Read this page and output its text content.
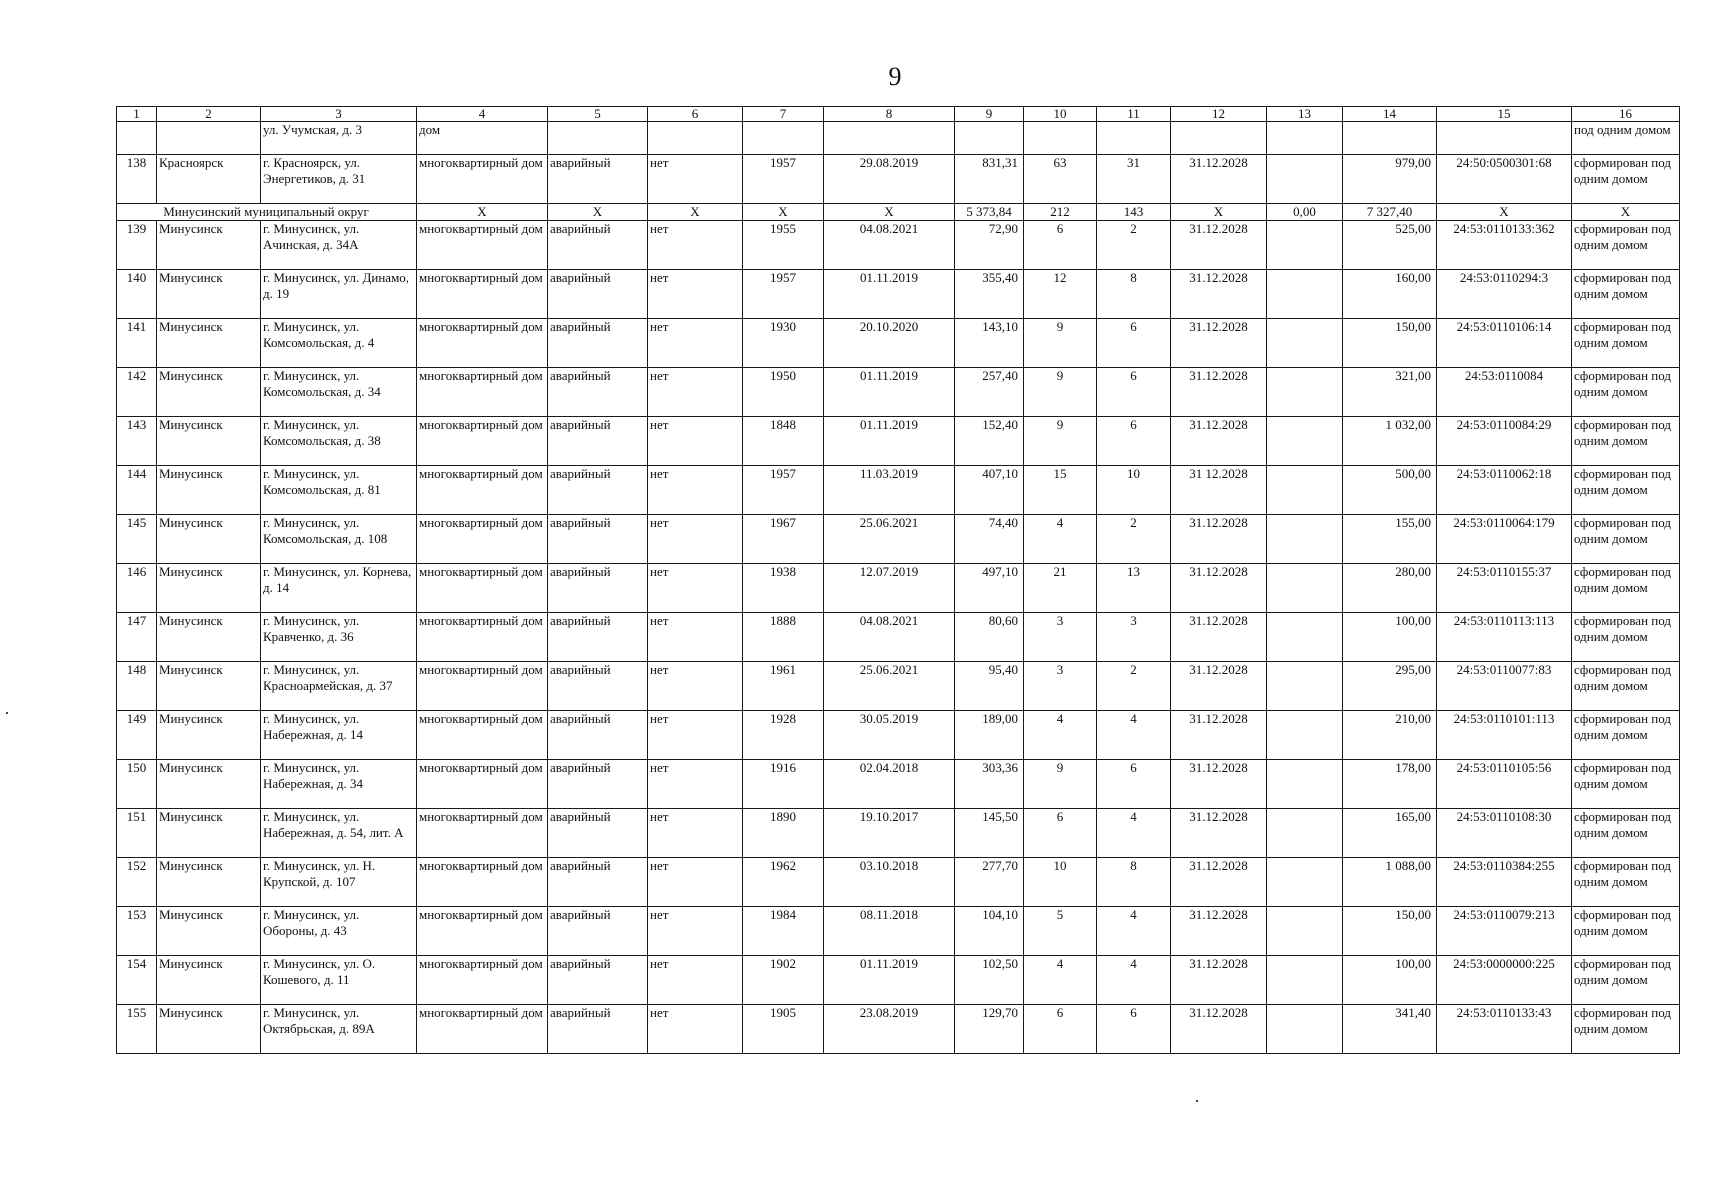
9
1	2	3	4	5	6	7	8	9	10	11	12	13	14	15	16
		ул. Учумская, д. 3	дом												под одним домом
138	Красноярск	г. Красноярск, ул. Энергетиков, д. 31	многоквартирный дом	аварийный	нет	1957	29.08.2019	831,31	63	31	31.12.2028		979,00	24:50:0500301:68	сформирован под одним домом
Минусинский муниципальный округ			Х	Х	Х	Х	Х	5 373,84	212	143	Х	0,00	7 327,40	Х	Х
139	Минусинск	г. Минусинск, ул. Ачинская, д. 34А	многоквартирный дом	аварийный	нет	1955	04.08.2021	72,90	6	2	31.12.2028		525,00	24:53:0110133:362	сформирован под одним домом
140	Минусинск	г. Минусинск, ул. Динамо, д. 19	многоквартирный дом	аварийный	нет	1957	01.11.2019	355,40	12	8	31.12.2028		160,00	24:53:0110294:3	сформирован под одним домом
141	Минусинск	г. Минусинск, ул. Комсомольская, д. 4	многоквартирный дом	аварийный	нет	1930	20.10.2020	143,10	9	6	31.12.2028		150,00	24:53:0110106:14	сформирован под одним домом
142	Минусинск	г. Минусинск, ул. Комсомольская, д. 34	многоквартирный дом	аварийный	нет	1950	01.11.2019	257,40	9	6	31.12.2028		321,00	24:53:0110084	сформирован под одним домом
143	Минусинск	г. Минусинск, ул. Комсомольская, д. 38	многоквартирный дом	аварийный	нет	1848	01.11.2019	152,40	9	6	31.12.2028		1 032,00	24:53:0110084:29	сформирован под одним домом
144	Минусинск	г. Минусинск, ул. Комсомольская, д. 81	многоквартирный дом	аварийный	нет	1957	11.03.2019	407,10	15	10	31 12.2028		500,00	24:53:0110062:18	сформирован под одним домом
145	Минусинск	г. Минусинск, ул. Комсомольская, д. 108	многоквартирный дом	аварийный	нет	1967	25.06.2021	74,40	4	2	31.12.2028		155,00	24:53:0110064:179	сформирован под одним домом
146	Минусинск	г. Минусинск, ул. Корнева, д. 14	многоквартирный дом	аварийный	нет	1938	12.07.2019	497,10	21	13	31.12.2028		280,00	24:53:0110155:37	сформирован под одним домом
147	Минусинск	г. Минусинск, ул. Кравченко, д. 36	многоквартирный дом	аварийный	нет	1888	04.08.2021	80,60	3	3	31.12.2028		100,00	24:53:0110113:113	сформирован под одним домом
148	Минусинск	г. Минусинск, ул. Красноармейская, д. 37	многоквартирный дом	аварийный	нет	1961	25.06.2021	95,40	3	2	31.12.2028		295,00	24:53:0110077:83	сформирован под одним домом
149	Минусинск	г. Минусинск, ул. Набережная, д. 14	многоквартирный дом	аварийный	нет	1928	30.05.2019	189,00	4	4	31.12.2028		210,00	24:53:0110101:113	сформирован под одним домом
150	Минусинск	г. Минусинск, ул. Набережная, д. 34	многоквартирный дом	аварийный	нет	1916	02.04.2018	303,36	9	6	31.12.2028		178,00	24:53:0110105:56	сформирован под одним домом
151	Минусинск	г. Минусинск, ул. Набережная, д. 54, лит. А	многоквартирный дом	аварийный	нет	1890	19.10.2017	145,50	6	4	31.12.2028		165,00	24:53:0110108:30	сформирован под одним домом
152	Минусинск	г. Минусинск, ул. Н. Крупской, д. 107	многоквартирный дом	аварийный	нет	1962	03.10.2018	277,70	10	8	31.12.2028		1 088,00	24:53:0110384:255	сформирован под одним домом
153	Минусинск	г. Минусинск, ул. Обороны, д. 43	многоквартирный дом	аварийный	нет	1984	08.11.2018	104,10	5	4	31.12.2028		150,00	24:53:0110079:213	сформирован под одним домом
154	Минусинск	г. Минусинск, ул. О. Кошевого, д. 11	многоквартирный дом	аварийный	нет	1902	01.11.2019	102,50	4	4	31.12.2028		100,00	24:53:0000000:225	сформирован под одним домом
155	Минусинск	г. Минусинск, ул. Октябрьская, д. 89А	многоквартирный дом	аварийный	нет	1905	23.08.2019	129,70	6	6	31.12.2028		341,40	24:53:0110133:43	сформирован под одним домом
